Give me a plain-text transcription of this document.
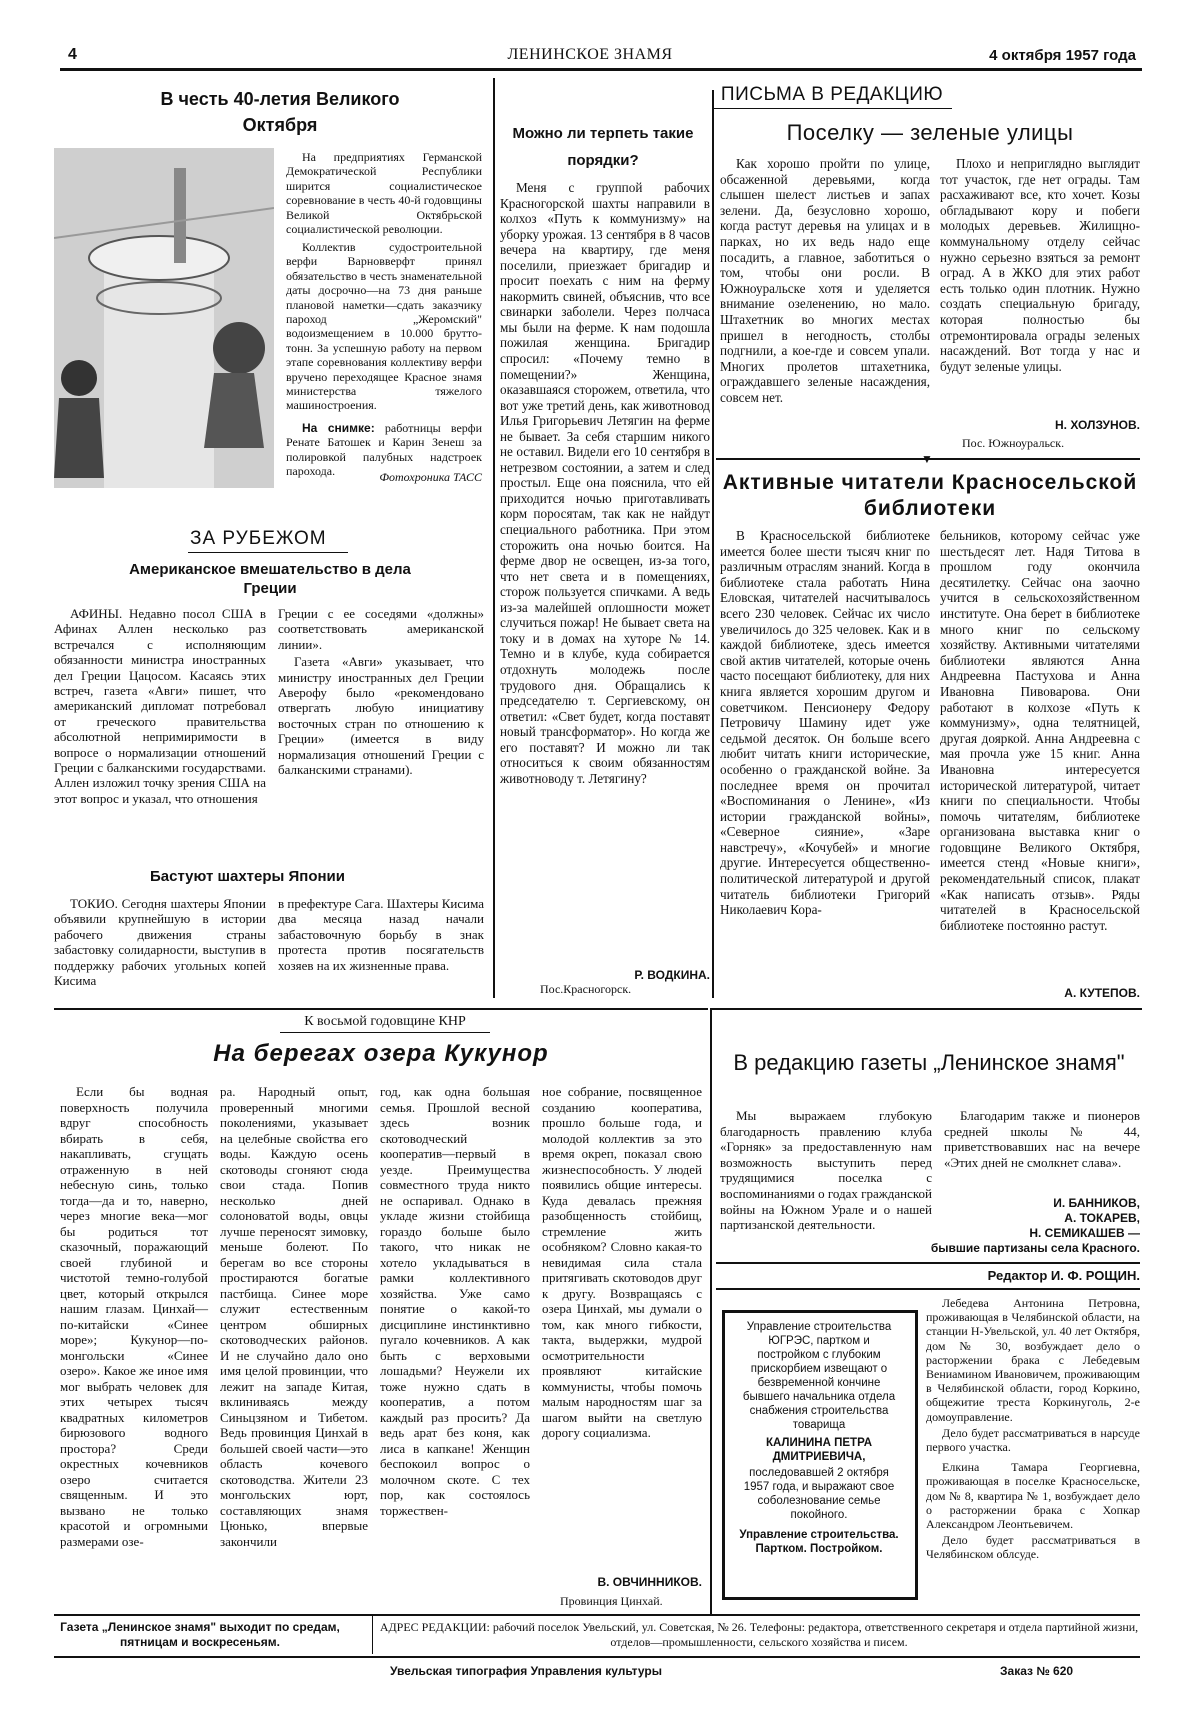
4	ЛЕНИНСКОЕ ЗНАМЯ	4 октября 1957 года
В честь 40-летия Великого Октября

На предприятиях Германской Демократической Республики ширится социалистическое соревнование в честь 40-й годовщины Великой Октябрьской социалистической революции.

Коллектив судостроительной верфи Варновверфт принял обязательство в честь знаменательной даты досрочно—на 73 дня раньше плановой наметки—сдать заказчику пароход „Жеромский" водоизмещением в 10.000 брутто-тонн. За успешную работу на первом этапе соревнования коллективу верфи вручено переходящее Красное знамя министерства тяжелого машиностроения.

На снимке: работницы верфи Ренате Батошек и Карин Зенеш за полировкой палубных надстроек парохода.	Фотохроника ТАСС
ЗА РУБЕЖОМ
Американское вмешательство в дела Греции

АФИНЫ. Недавно посол США в Афинах Аллен несколько раз встречался с исполняющим обязанности министра иностранных дел Греции Цацосом. Касаясь этих встреч, газета «Авги» пишет, что американский дипломат потребовал от греческого правительства абсолютной непримиримости в вопросе о нормализации отношений Греции с балканскими государствами. Аллен изложил точку зрения США на этот вопрос и указал, что отношения

Греции с ее соседями «должны» соответствовать американской линии».

Газета «Авги» указывает, что министру иностранных дел Греции Аверофу было «рекомендовано отвергать любую инициативу восточных стран по отношению к Греции» (имеется в виду нормализация отношений Греции с балканскими странами).

Бастуют шахтеры Японии

ТОКИО. Сегодня шахтеры Японии объявили крупнейшую в истории рабочего движения страны забастовку солидарности, выступив в поддержку рабочих угольных копей Кисима

в префектуре Сага. Шахтеры Кисима два месяца назад начали забастовочную борьбу в знак протеста против посягательств хозяев на их жизненные права.

ПИСЬМА В РЕДАКЦИЮ
Можно ли терпеть такие порядки?

Меня с группой рабочих Красногорской шахты направили в колхоз «Путь к коммунизму» на уборку урожая. 13 сентября в 8 часов вечера на квартиру, где меня поселили, приезжает бригадир и просит поехать с ним на ферму накормить свиней, объяснив, что все свинарки заболели. Через полчаса мы были на ферме. К нам подошла пожилая женщина. Бригадир спросил: «Почему темно в помещении?» Женщина, оказавшаяся сторожем, ответила, что вот уже третий день, как животновод Илья Григорьевич Летягин на ферме не бывает. За себя старшим никого не оставил. Видели его 10 сентября в нетрезвом состоянии, а затем и след простыл. Еще она пояснила, что ей приходится ночью приготавливать корм поросятам, так как не найдут специального работника. При этом сторожить она ночью боится. На ферме двор не освещен, из-за того, что нет света и в помещениях, сторож пользуется спичками. А ведь из-за малейшей оплошности может случиться пожар! Не бывает света на току и в домах на хуторе № 14. Темно и в клубе, куда собирается отдохнуть молодежь после трудового дня. Обращались к председателю т. Сергиевскому, он ответил: «Свет будет, когда поставят новый трансформатор». Но когда же его поставят? И можно ли так относиться к своим обязанностям животноводу т. Летягину?

Р. ВОДКИНА.
Пос.Красногорск.
Поселку — зеленые улицы

Как хорошо пройти по улице, обсаженной деревьями, когда слышен шелест листьев и запах зелени. Да, безусловно хорошо, когда растут деревья на улицах и в парках, но их ведь надо еще посадить, а главное, заботиться о том, чтобы они росли. В Южноуральске хотя и уделяется внимание озеленению, но мало. Штахетник во многих местах пришел в негодность, столбы подгнили, а кое-где и совсем упали. Многих пролетов штахетника, ограждавшего зеленые насаждения, совсем нет.

Плохо и неприглядно выглядит тот участок, где нет ограды. Там расхаживают все, кто хочет. Козы обгладывают кору и побеги молодых деревьев. Жилищно-коммунальному отделу сейчас нужно серьезно взяться за ремонт оград. А в ЖКО для этих работ есть только один плотник. Нужно создать специальную бригаду, которая полностью бы отремонтировала ограды зеленых насаждений. Вот тогда у нас и будут зеленые улицы.

Н. ХОЛЗУНОВ.
Пос. Южноуральск.
▼
Активные читатели Красносельской библиотеки

В Красносельской библиотеке имеется более шести тысяч книг по различным отраслям знаний. Когда в библиотеке стала работать Нина Еловская, читателей насчитывалось всего 230 человек. Сейчас их число увеличилось до 325 человек. Как и в каждой библиотеке, здесь имеется свой актив читателей, которые очень часто посещают библиотеку, для них книга является хорошим другом и советчиком. Пенсионеру Федору Петровичу Шамину идет уже седьмой десяток. Он больше всего любит читать книги исторические, особенно о гражданской войне. За последнее время он прочитал «Воспоминания о Ленине», «Из истории гражданской войны», «Северное сияние», «Заре навстречу», «Кочубей» и многие другие. Интересуется общественно-политической литературой и другой читатель библиотеки Григорий Николаевич Кора-

бельников, которому сейчас уже шестьдесят лет. Надя Титова в прошлом году окончила десятилетку. Сейчас она заочно учится в сельскохозяйственном институте. Она берет в библиотеке много книг по сельскому хозяйству. Активными читателями библиотеки являются Анна Андреевна Пастухова и Анна Ивановна Пивоварова. Они работают в колхозе «Путь к коммунизму», одна телятницей, другая дояркой. Анна Андреевна с мая прочла уже 15 книг. Анна Ивановна интересуется исторической литературой, читает книги по специальности. Чтобы помочь читателям, библиотеке организована выставка книг о годовщине Великого Октября, имеется стенд «Новые книги», рекомендательный список, плакат «Как написать отзыв». Ряды читателей в Красносельской библиотеке постоянно растут.

А. КУТЕПОВ.
К восьмой годовщине КНР
На берегах озера Кукунор

Если бы водная поверхность получила вдруг способность вбирать в себя, накапливать, сгущать отраженную в ней небесную синь, только тогда—да и то, наверно, через многие века—мог бы родиться тот сказочный, поражающий своей глубиной и чистотой темно-голубой цвет, который открылся нашим глазам. Цинхай—по-китайски «Синее море»; Кукунор—по-монгольски «Синее озеро». Какое же иное имя мог выбрать человек для этих четырех тысяч квадратных километров бирюзового водного простора? Среди окрестных кочевников озеро считается священным. И это вызвано не только красотой и огромными размерами озе-

ра. Народный опыт, проверенный многими поколениями, указывает на целебные свойства его воды. Каждую осень скотоводы сгоняют сюда свои стада. Попив несколько дней солоноватой воды, овцы лучше переносят зимовку, меньше болеют. По берегам во все стороны простираются богатые пастбища. Синее море служит естественным центром обширных скотоводческих районов. И не случайно дало оно имя целой провинции, что лежит на западе Китая, вклиниваясь между Синьцзяном и Тибетом. Ведь провинция Цинхай в большей своей части—это область кочевого скотоводства. Жители 23 монгольских юрт, составляющих знамя Цюнько, впервые закончили

год, как одна большая семья. Прошлой весной здесь возник скотоводческий кооператив—первый в уезде. Преимущества совместного труда никто не оспаривал. Однако в укладе жизни стойбища гораздо больше было такого, что никак не хотело укладываться в рамки коллективного хозяйства. Уже само понятие о какой-то дисциплине инстинктивно пугало кочевников. А как быть с верховыми лошадьми? Неужели их тоже нужно сдать в кооператив, а потом каждый раз просить? Да ведь арат без коня, как лиса в капкане! Женщин беспокоил вопрос о молочном скоте. С тех пор, как состоялось торжествен-

ное собрание, посвященное созданию кооператива, прошло больше года, и молодой коллектив за это время окреп, показал свою жизнеспособность. У людей появились общие интересы. Куда девалась прежняя разобщенность стойбищ, стремление жить особняком? Словно какая-то невидимая сила стала притягивать скотоводов друг к другу. Возвращаясь с озера Цинхай, мы думали о том, как много гибкости, такта, выдержки, мудрой осмотрительности проявляют китайские коммунисты, чтобы помочь малым народностям шаг за шагом выйти на светлую дорогу социализма.

В. ОВЧИННИКОВ.
Провинция Цинхай.
В редакцию газеты „Ленинское знамя"

Мы выражаем глубокую благодарность правлению клуба «Горняк» за предоставленную нам возможность выступить перед трудящимися поселка с воспоминаниями о годах гражданской войны на Южном Урале и о нашей партизанской деятельности.

Благодарим также и пионеров средней школы № 44, приветствовавших нас на вечере «Этих дней не смолкнет слава».

И. БАННИКОВ,
А. ТОКАРЕВ,
Н. СЕМИКАШЕВ —
бывшие партизаны села Красного.
Редактор И. Ф. РОЩИН.

Управление строительства ЮГРЭС, партком и постройком с глубоким прискорбием извещают о безвременной кончине бывшего начальника отдела снабжения строительства товарища

КАЛИНИНА ПЕТРА ДМИТРИЕВИЧА,

последовавшей 2 октября 1957 года, и выражают свое соболезнование семье покойного.

Управление строительства. Партком. Постройком.

Лебедева Антонина Петровна, проживающая в Челябинской области, на станции Н-Увельской, ул. 40 лет Октября, дом № 30, возбуждает дело о расторжении брака с Лебедевым Вениамином Ивановичем, проживающим в Челябинской области, город Коркино, общежитие треста Коркинуголь, 2-е домоуправление.

Дело будет рассматриваться в нарсуде первого участка.

Елкина Тамара Георгиевна, проживающая в поселке Красносельске, дом № 8, квартира № 1, возбуждает дело о расторжении брака с Хопкар Александром Леонтьевичем.

Дело будет рассматриваться в Челябинском облсуде.

Газета „Ленинское знамя" выходит по средам, пятницам и воскресеньям.
АДРЕС РЕДАКЦИИ: рабочий поселок Увельский, ул. Советская, № 26. Телефоны: редактора, ответственного секретаря и отдела партийной жизни, отделов—промышленности, сельского хозяйства и писем.
Увельская типография Управления культуры	Заказ № 620
